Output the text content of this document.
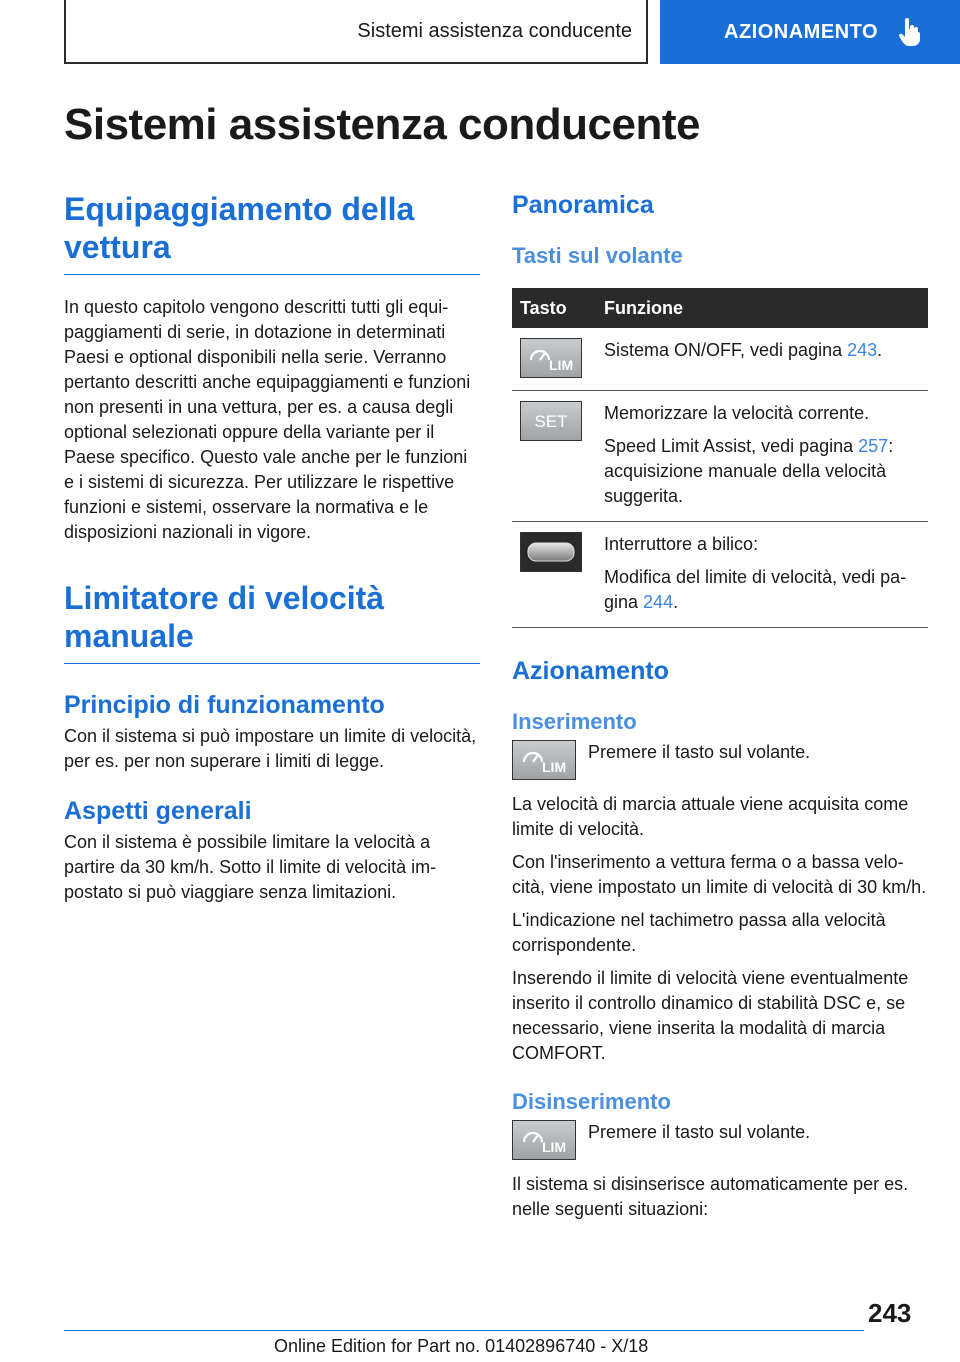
Sistemi assistenza conducente	AZIONAMENTO
Sistemi assistenza conducente
Equipaggiamento della vettura

In questo capitolo vengono descritti tutti gli equipaggiamenti di serie, in dotazione in determinati Paesi e optional disponibili nella serie. Verranno pertanto descritti anche equipaggiamenti e funzioni non presenti in una vettura, per es. a causa degli optional selezionati oppure della variante per il Paese specifico. Questo vale anche per le funzioni e i sistemi di sicurezza. Per utilizzare le rispettive funzioni e sistemi, osservare la normativa e le disposizioni nazionali in vigore.

Limitatore di velocità manuale
Principio di funzionamento

Con il sistema si può impostare un limite di velocità, per es. per non superare i limiti di legge.

Aspetti generali

Con il sistema è possibile limitare la velocità a partire da 30 km/h. Sotto il limite di velocità impostato si può viaggiare senza limitazioni.

Panoramica
Tasti sul volante
Tasto	Funzione

LIM	Sistema ON/OFF, vedi pagina 243.

SET	Memorizzare la velocità corrente.
Speed Limit Assist, vedi pagina 257: acquisizione manuale della velocità suggerita.

Interruttore a bilico:
Modifica del limite di velocità, vedi pagina 244.
Azionamento
Inserimento
LIM

Premere il tasto sul volante.

La velocità di marcia attuale viene acquisita come limite di velocità.

Con l'inserimento a vettura ferma o a bassa velocità, viene impostato un limite di velocità di 30 km/h.

L'indicazione nel tachimetro passa alla velocità corrispondente.

Inserendo il limite di velocità viene eventualmente inserito il controllo dinamico di stabilità DSC e, se necessario, viene inserita la modalità di marcia COMFORT.

Disinserimento
LIM

Premere il tasto sul volante.

Il sistema si disinserisce automaticamente per es. nelle seguenti situazioni:

243
Online Edition for Part no. 01402896740 - X/18
